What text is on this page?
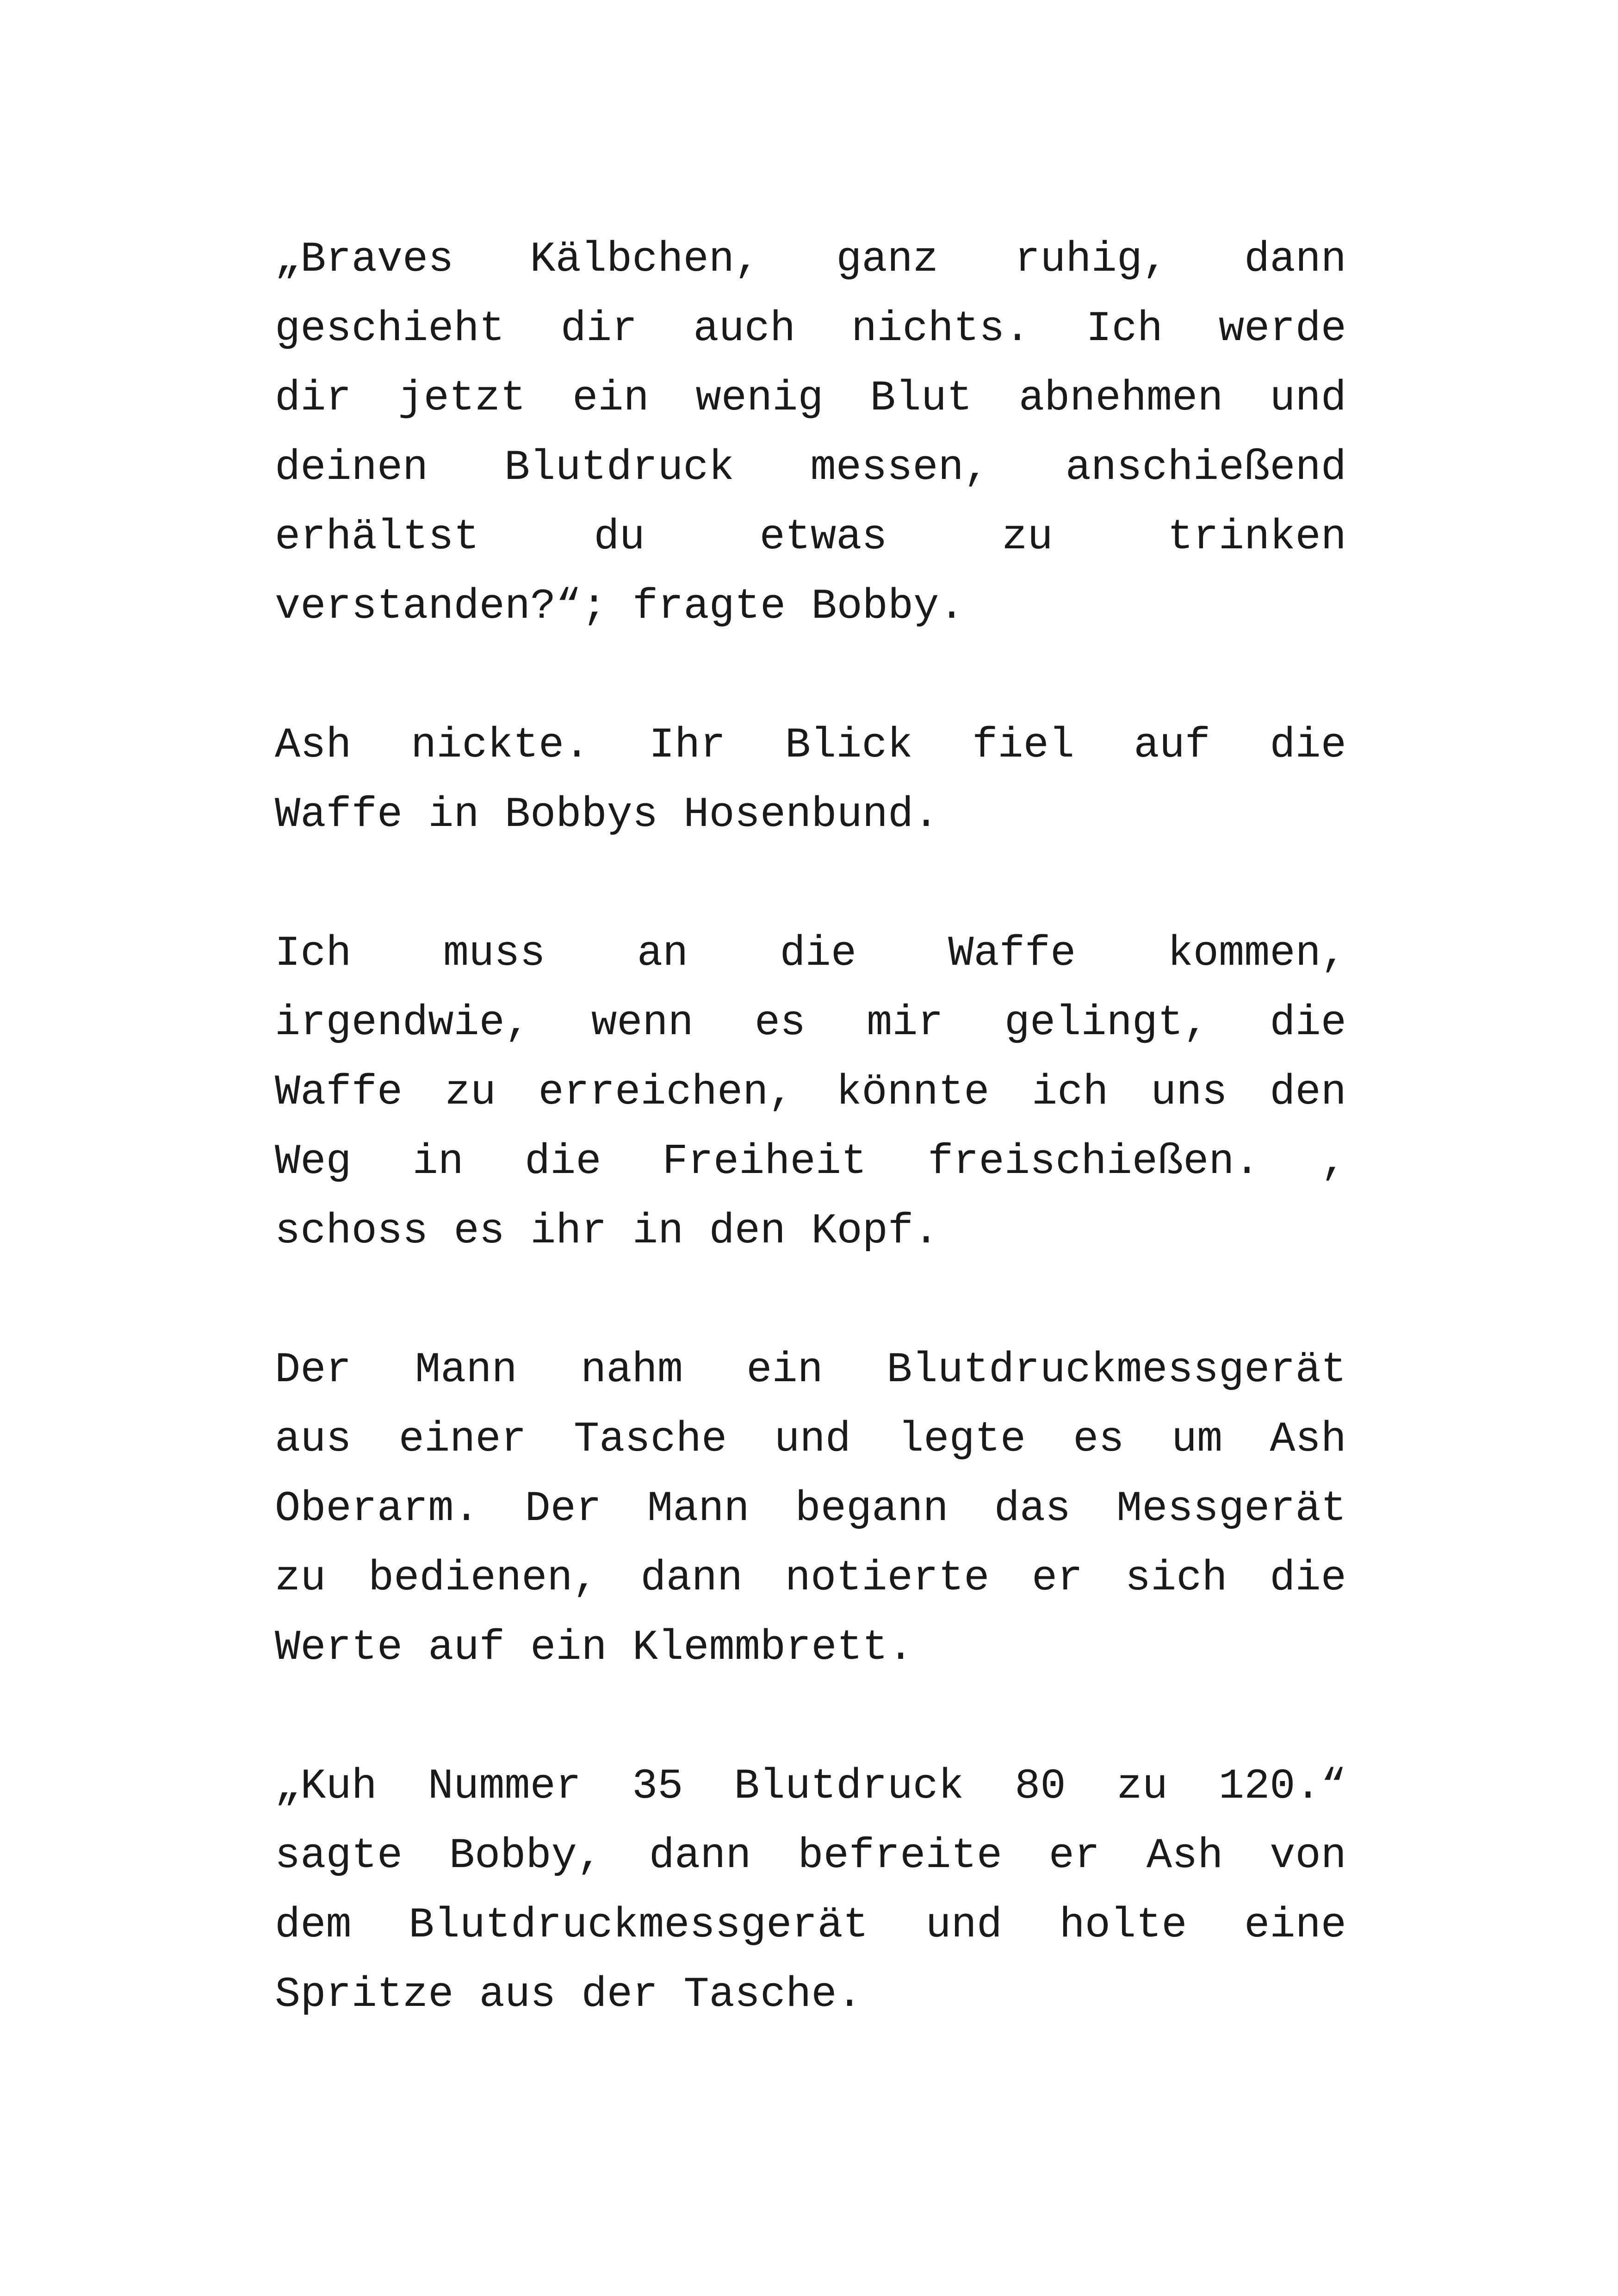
„Braves Kälbchen, ganz ruhig, dann
geschieht dir auch nichts. Ich werde
dir jetzt ein wenig Blut abnehmen und
deinen Blutdruck messen, anschießend
erhältst	du	etwas	zu	trinken
verstanden?“; fragte Bobby.
Ash nickte. Ihr Blick fiel auf die
Waffe in Bobbys Hosenbund.
Ich muss an die Waffe kommen,
irgendwie, wenn es mir gelingt, die
Waffe zu erreichen, könnte ich uns den
Weg in die Freiheit freischießen. ,
schoss es ihr in den Kopf.
Der Mann nahm ein Blutdruckmessgerät
aus einer Tasche und legte es um Ash
Oberarm. Der Mann begann das Messgerät
zu bedienen, dann notierte er sich die
Werte auf ein Klemmbrett.
„Kuh Nummer 35 Blutdruck 80 zu 120.“
sagte Bobby, dann befreite er Ash von
dem Blutdruckmessgerät und holte eine
Spritze aus der Tasche.
